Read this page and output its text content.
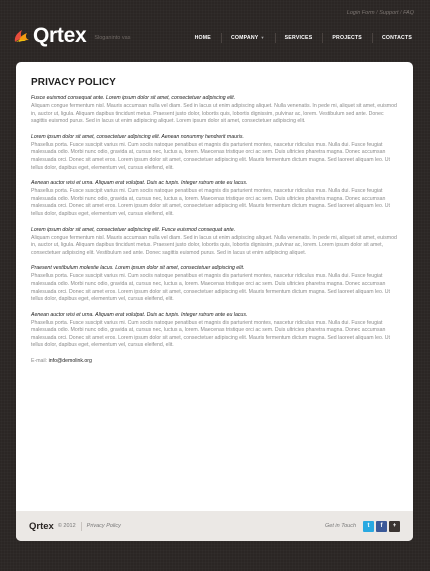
Login Form / Support / FAQ
Qrtex Sloganinto vas	HOME	COMPANY ▼	SERVICES	PROJECTS	CONTACTS
PRIVACY POLICY
Fusce euismod consequat ante. Lorem ipsum dolor sit amet, consectetuer adipiscing elit.
Aliquam congue fermentum nisl. Mauris accumsan nulla vel diam. Sed in lacus ut enim adipiscing aliquet. Nulla venenatis. In pede mi, aliquet sit amet, euismod in, auctor ut, ligula. Aliquam dapibus tincidunt metus. Praesent justo dolor, lobortis quis, lobortis dignissim, pulvinar ac, lorem. Vestibulum sed ante. Donec sagittis euismod purus. Sed in lacus ut enim adipiscing aliquet. Lorem ipsum dolor sit amet, consectetuer adipiscing elit.
Lorem ipsum dolor sit amet, consectetuer adipiscing elit. Aenean nonummy hendrerit mauris.
Phasellus porta. Fusce suscipit varius mi. Cum sociis natoque penatibus et magnis dis parturient montes, nascetur ridiculus mus. Nulla dui. Fusce feugiat malesuada odio. Morbi nunc odio, gravida at, cursus nec, luctus a, lorem. Maecenas tristique orci ac sem. Duis ultricies pharetra magna. Donec accumsan malesuada orci. Donec sit amet eros. Lorem ipsum dolor sit amet, consectetuer adipiscing elit. Mauris fermentum dictum magna. Sed laoreet aliquam leo. Ut tellus dolor, dapibus eget, elementum vel, cursus eleifend, elit.
Aenean auctor wisi et urna. Aliquam erat volutpat. Duis ac turpis. Integer rutrum ante eu lacus.
Phasellus porta. Fusce suscipit varius mi. Cum sociis natoque penatibus et magnis dis parturient montes, nascetur ridiculus mus. Nulla dui. Fusce feugiat malesuada odio. Morbi nunc odio, gravida at, cursus nec, luctus a, lorem. Maecenas tristique orci ac sem. Duis ultricies pharetra magna. Donec accumsan malesuada orci. Donec sit amet eros. Lorem ipsum dolor sit amet, consectetuer adipiscing elit. Mauris fermentum dictum magna. Sed laoreet aliquam leo. Ut tellus dolor, dapibus eget, elementum vel, cursus eleifend, elit.
Lorem ipsum dolor sit amet, consectetuer adipiscing elit. Fusce euismod consequat ante.
Aliquam congue fermentum nisl. Mauris accumsan nulla vel diam. Sed in lacus ut enim adipiscing aliquet. Nulla venenatis. In pede mi, aliquet sit amet, euismod in, auctor ut, ligula. Aliquam dapibus tincidunt metus. Praesent justo dolor, lobortis quis, lobortis dignissim, pulvinar ac, lorem. Lorem ipsum dolor sit amet, consectetuer adipiscing elit. Vestibulum sed ante. Donec sagittis euismod purus. Sed in lacus ut enim adipiscing aliquet.
Praesent vestibulum molestie lacus. Lorem ipsum dolor sit amet, consectetuer adipiscing elit.
Phasellus porta. Fusce suscipit varius mi. Cum sociis natoque penatibus et magnis dis parturient montes, nascetur ridiculus mus. Nulla dui. Fusce feugiat malesuada odio. Morbi nunc odio, gravida at, cursus nec, luctus a, lorem. Maecenas tristique orci ac sem. Duis ultricies pharetra magna. Donec accumsan malesuada orci. Donec sit amet eros. Lorem ipsum dolor sit amet, consectetuer adipiscing elit. Mauris fermentum dictum magna. Sed laoreet aliquam leo. Ut tellus dolor, dapibus eget, elementum vel, cursus eleifend, elit.
Aenean auctor wisi et urna. Aliquam erat volutpat. Duis ac turpis. Integer rutrum ante eu lacus.
Phasellus porta. Fusce suscipit varius mi. Cum sociis natoque penatibus et magnis dis parturient montes, nascetur ridiculus mus. Nulla dui. Fusce feugiat malesuada odio. Morbi nunc odio, gravida at, cursus nec, luctus a, lorem. Maecenas tristique orci ac sem. Duis ultricies pharetra magna. Donec accumsan malesuada orci. Donec sit amet eros. Lorem ipsum dolor sit amet, consectetuer adipiscing elit. Mauris fermentum dictum magna. Sed laoreet aliquam leo. Ut tellus dolor, dapibus eget, elementum vel, cursus eleifend, elit.
E-mail: info@demolink.org
Qrtex © 2012 Privacy Policy	Get in Touch	t	f	+
